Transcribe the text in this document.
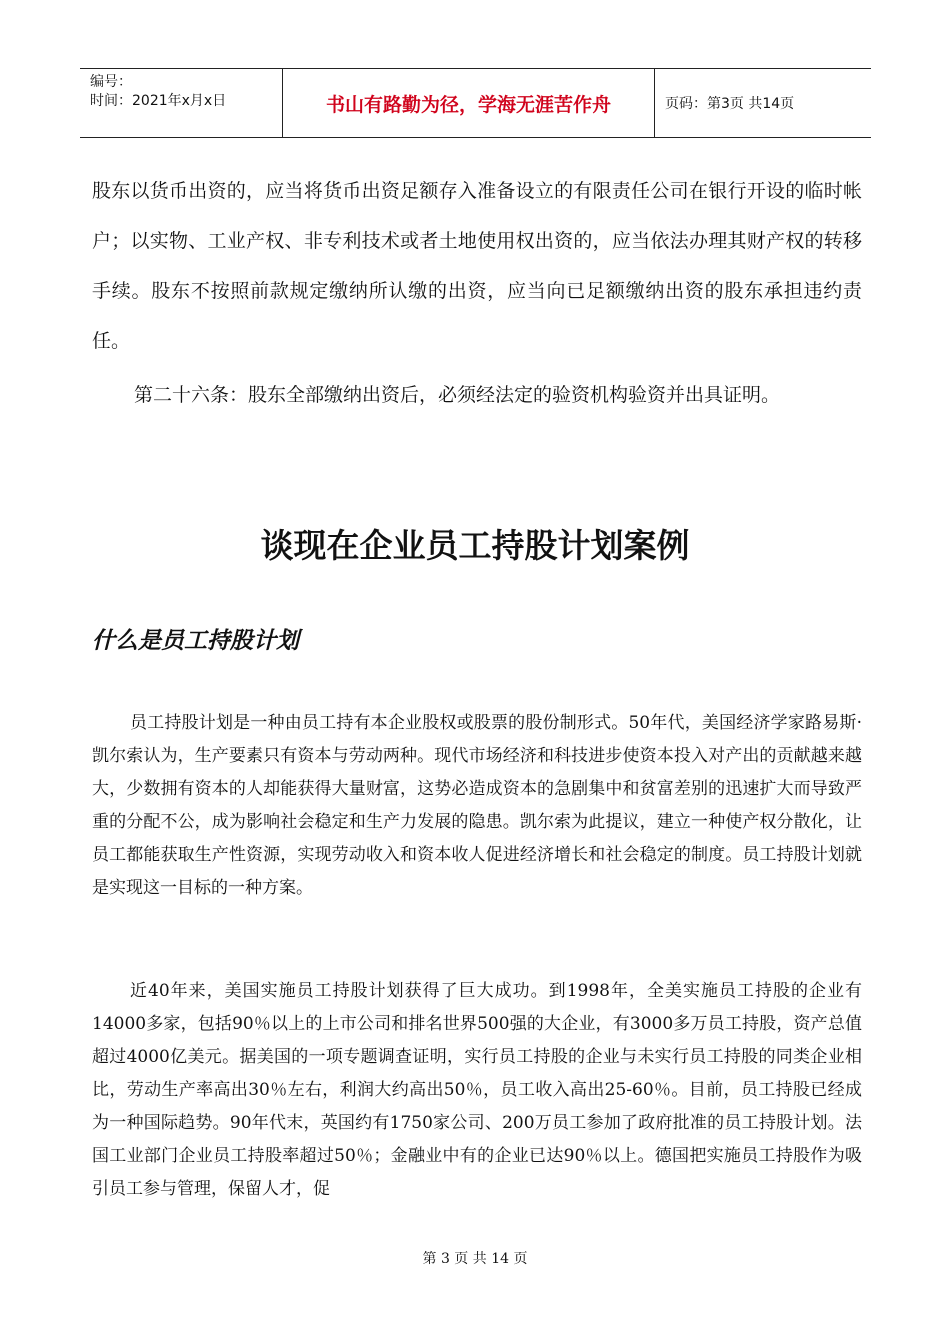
编号：
时间：2021年x月x日	书山有路勤为径，学海无涯苦作舟	页码：第3页 共14页

股东以货币出资的，应当将货币出资足额存入准备设立的有限责任公司在银行开设的临时帐户；以实物、工业产权、非专利技术或者土地使用权出资的，应当依法办理其财产权的转移手续。股东不按照前款规定缴纳所认缴的出资，应当向已足额缴纳出资的股东承担违约责任。

第二十六条：股东全部缴纳出资后，必须经法定的验资机构验资并出具证明。

谈现在企业员工持股计划案例
什么是员工持股计划

员工持股计划是一种由员工持有本企业股权或股票的股份制形式。50年代，美国经济学家路易斯·凯尔索认为，生产要素只有资本与劳动两种。现代市场经济和科技进步使资本投入对产出的贡献越来越大，少数拥有资本的人却能获得大量财富，这势必造成资本的急剧集中和贫富差别的迅速扩大而导致严重的分配不公，成为影响社会稳定和生产力发展的隐患。凯尔索为此提议，建立一种使产权分散化，让员工都能获取生产性资源，实现劳动收入和资本收人促进经济增长和社会稳定的制度。员工持股计划就是实现这一目标的一种方案。

近40年来，美国实施员工持股计划获得了巨大成功。到1998年，全美实施员工持股的企业有14000多家，包括90％以上的上市公司和排名世界500强的大企业，有3000多万员工持股，资产总值超过4000亿美元。据美国的一项专题调查证明，实行员工持股的企业与未实行员工持股的同类企业相比，劳动生产率高出30％左右，利润大约高出50％，员工收入高出25-60％。目前，员工持股已经成为一种国际趋势。90年代末，英国约有1750家公司、200万员工参加了政府批准的员工持股计划。法国工业部门企业员工持股率超过50％；金融业中有的企业已达90％以上。德国把实施员工持股作为吸引员工参与管理，保留人才，促

第 3 页 共 14 页
